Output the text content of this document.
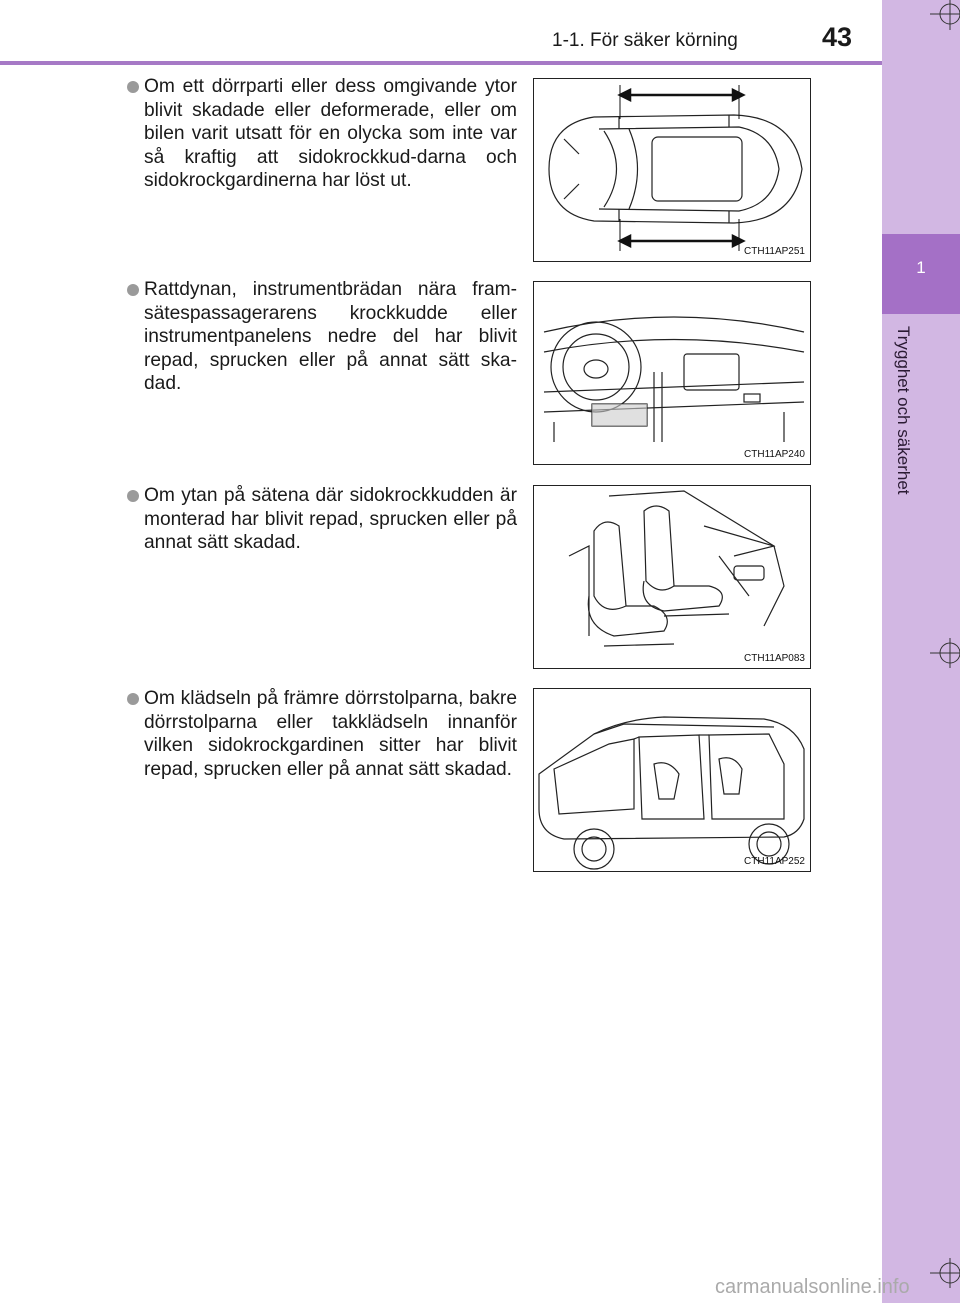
1-1. För säker körning	43
1
Trygghet och säkerhet
Om ett dörrparti eller dess omgivande ytor blivit skadade eller deformerade, eller om bilen varit utsatt för en olycka som inte var så kraftig att sidokrockkud-darna och sidokrockgardinerna har löst ut.
CTH11AP251
Rattdynan, instrumentbrädan nära fram-sätespassagerarens krockkudde eller instrumentpanelens nedre del har blivit repad, sprucken eller på annat sätt ska-dad.
CTH11AP240
Om ytan på sätena där sidokrockkudden är monterad har blivit repad, sprucken eller på annat sätt skadad.
CTH11AP083
Om klädseln på främre dörrstolparna, bakre dörrstolparna eller takklädseln innanför vilken sidokrockgardinen sitter har blivit repad, sprucken eller på annat sätt skadad.
CTH11AP252
carmanualsonline.info
